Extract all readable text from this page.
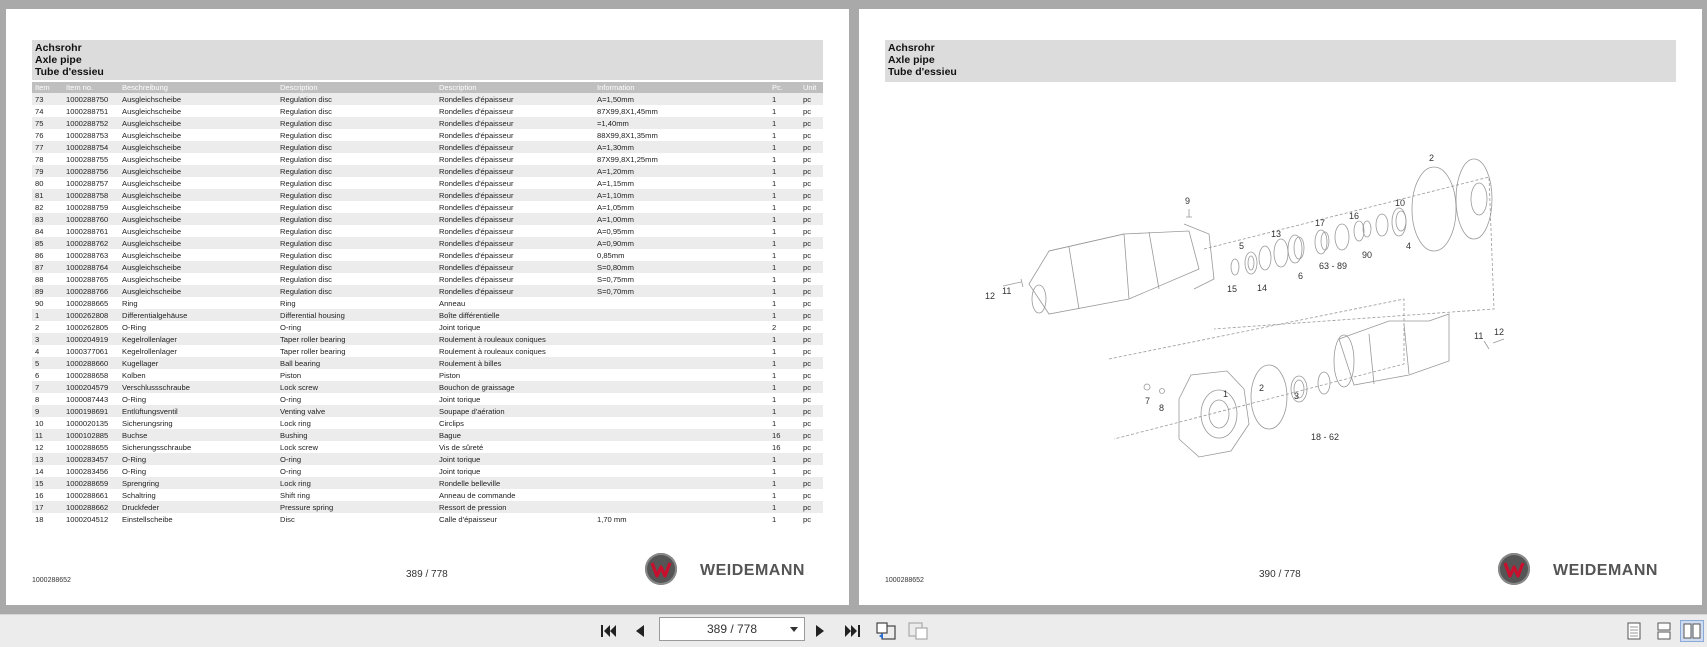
Achsrohr
Axle pipe
Tube d'essieu
Item	Item no.	Beschreibung	Description	Description	Information	Pc.	Unit
73	1000288750	Ausgleichscheibe	Regulation disc	Rondelles d'épaisseur	A=1,50mm	1	pc
74	1000288751	Ausgleichscheibe	Regulation disc	Rondelles d'épaisseur	87X99,8X1,45mm	1	pc
75	1000288752	Ausgleichscheibe	Regulation disc	Rondelles d'épaisseur	=1,40mm	1	pc
76	1000288753	Ausgleichscheibe	Regulation disc	Rondelles d'épaisseur	88X99,8X1,35mm	1	pc
77	1000288754	Ausgleichscheibe	Regulation disc	Rondelles d'épaisseur	A=1,30mm	1	pc
78	1000288755	Ausgleichscheibe	Regulation disc	Rondelles d'épaisseur	87X99,8X1,25mm	1	pc
79	1000288756	Ausgleichscheibe	Regulation disc	Rondelles d'épaisseur	A=1,20mm	1	pc
80	1000288757	Ausgleichscheibe	Regulation disc	Rondelles d'épaisseur	A=1,15mm	1	pc
81	1000288758	Ausgleichscheibe	Regulation disc	Rondelles d'épaisseur	A=1,10mm	1	pc
82	1000288759	Ausgleichscheibe	Regulation disc	Rondelles d'épaisseur	A=1,05mm	1	pc
83	1000288760	Ausgleichscheibe	Regulation disc	Rondelles d'épaisseur	A=1,00mm	1	pc
84	1000288761	Ausgleichscheibe	Regulation disc	Rondelles d'épaisseur	A=0,95mm	1	pc
85	1000288762	Ausgleichscheibe	Regulation disc	Rondelles d'épaisseur	A=0,90mm	1	pc
86	1000288763	Ausgleichscheibe	Regulation disc	Rondelles d'épaisseur	0,85mm	1	pc
87	1000288764	Ausgleichscheibe	Regulation disc	Rondelles d'épaisseur	S=0,80mm	1	pc
88	1000288765	Ausgleichscheibe	Regulation disc	Rondelles d'épaisseur	S=0,75mm	1	pc
89	1000288766	Ausgleichscheibe	Regulation disc	Rondelles d'épaisseur	S=0,70mm	1	pc
90	1000288665	Ring	Ring	Anneau		1	pc
1	1000262808	Differentialgehäuse	Differential housing	Boîte différentielle		1	pc
2	1000262805	O-Ring	O-ring	Joint torique		2	pc
3	1000204919	Kegelrollenlager	Taper roller bearing	Roulement à rouleaux coniques		1	pc
4	1000377061	Kegelrollenlager	Taper roller bearing	Roulement à rouleaux coniques		1	pc
5	1000288660	Kugellager	Ball bearing	Roulement à billes		1	pc
6	1000288658	Kolben	Piston	Piston		1	pc
7	1000204579	Verschlussschraube	Lock screw	Bouchon de graissage		1	pc
8	1000087443	O-Ring	O-ring	Joint torique		1	pc
9	1000198691	Entlüftungsventil	Venting valve	Soupape d'aération		1	pc
10	1000020135	Sicherungsring	Lock ring	Circlips		1	pc
11	1000102885	Buchse	Bushing	Bague		16	pc
12	1000288655	Sicherungsschraube	Lock screw	Vis de sûreté		16	pc
13	1000283457	O-Ring	O-ring	Joint torique		1	pc
14	1000283456	O-Ring	O-ring	Joint torique		1	pc
15	1000288659	Sprengring	Lock ring	Rondelle belleville		1	pc
16	1000288661	Schaltring	Shift ring	Anneau de commande		1	pc
17	1000288662	Druckfeder	Pressure spring	Ressort de pression		1	pc
18	1000204512	Einstellscheibe	Disc	Calle d'épaisseur	1,70 mm	1	pc
1000288652
389 / 778	WEIDEMANN
Achsrohr
Axle pipe
Tube d'essieu
9
5
13
17
16
10
2
12 11	15 14
6
63 - 89
90
4
11 12
7
8
1
2
3
18 - 62
1000288652
390 / 778	WEIDEMANN
389 / 778
